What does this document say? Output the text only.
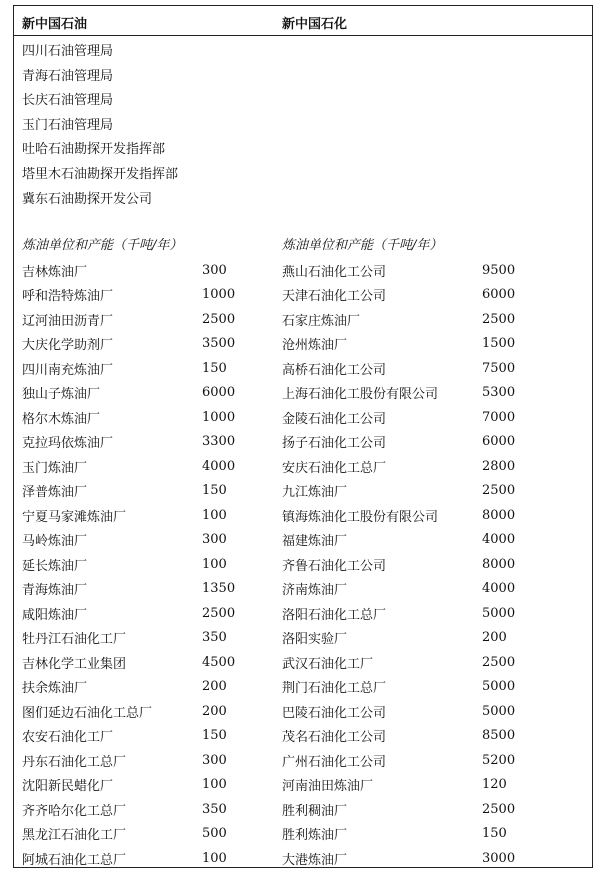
新中国石油	新中国石化
四川石油管理局
青海石油管理局
长庆石油管理局
玉门石油管理局
吐哈石油勘探开发指挥部
塔里木石油勘探开发指挥部
冀东石油勘探开发公司
炼油单位和产能（千吨/年）	炼油单位和产能（千吨/年）
吉林炼油厂	300	燕山石油化工公司	9500
呼和浩特炼油厂	1000	天津石油化工公司	6000
辽河油田沥青厂	2500	石家庄炼油厂	2500
大庆化学助剂厂	3500	沧州炼油厂	1500
四川南充炼油厂	150	高桥石油化工公司	7500
独山子炼油厂	6000	上海石油化工股份有限公司	5300
格尔木炼油厂	1000	金陵石油化工公司	7000
克拉玛依炼油厂	3300	扬子石油化工公司	6000
玉门炼油厂	4000	安庆石油化工总厂	2800
泽普炼油厂	150	九江炼油厂	2500
宁夏马家滩炼油厂	100	镇海炼油化工股份有限公司	8000
马岭炼油厂	300	福建炼油厂	4000
延长炼油厂	100	齐鲁石油化工公司	8000
青海炼油厂	1350	济南炼油厂	4000
咸阳炼油厂	2500	洛阳石油化工总厂	5000
牡丹江石油化工厂	350	洛阳实验厂	200
吉林化学工业集团	4500	武汉石油化工厂	2500
扶余炼油厂	200	荆门石油化工总厂	5000
图们延边石油化工总厂	200	巴陵石油化工公司	5000
农安石油化工厂	150	茂名石油化工公司	8500
丹东石油化工总厂	300	广州石油化工公司	5200
沈阳新民蜡化厂	100	河南油田炼油厂	120
齐齐哈尔化工总厂	350	胜利稠油厂	2500
黑龙江石油化工厂	500	胜利炼油厂	150
阿城石油化工总厂	100	大港炼油厂	3000
